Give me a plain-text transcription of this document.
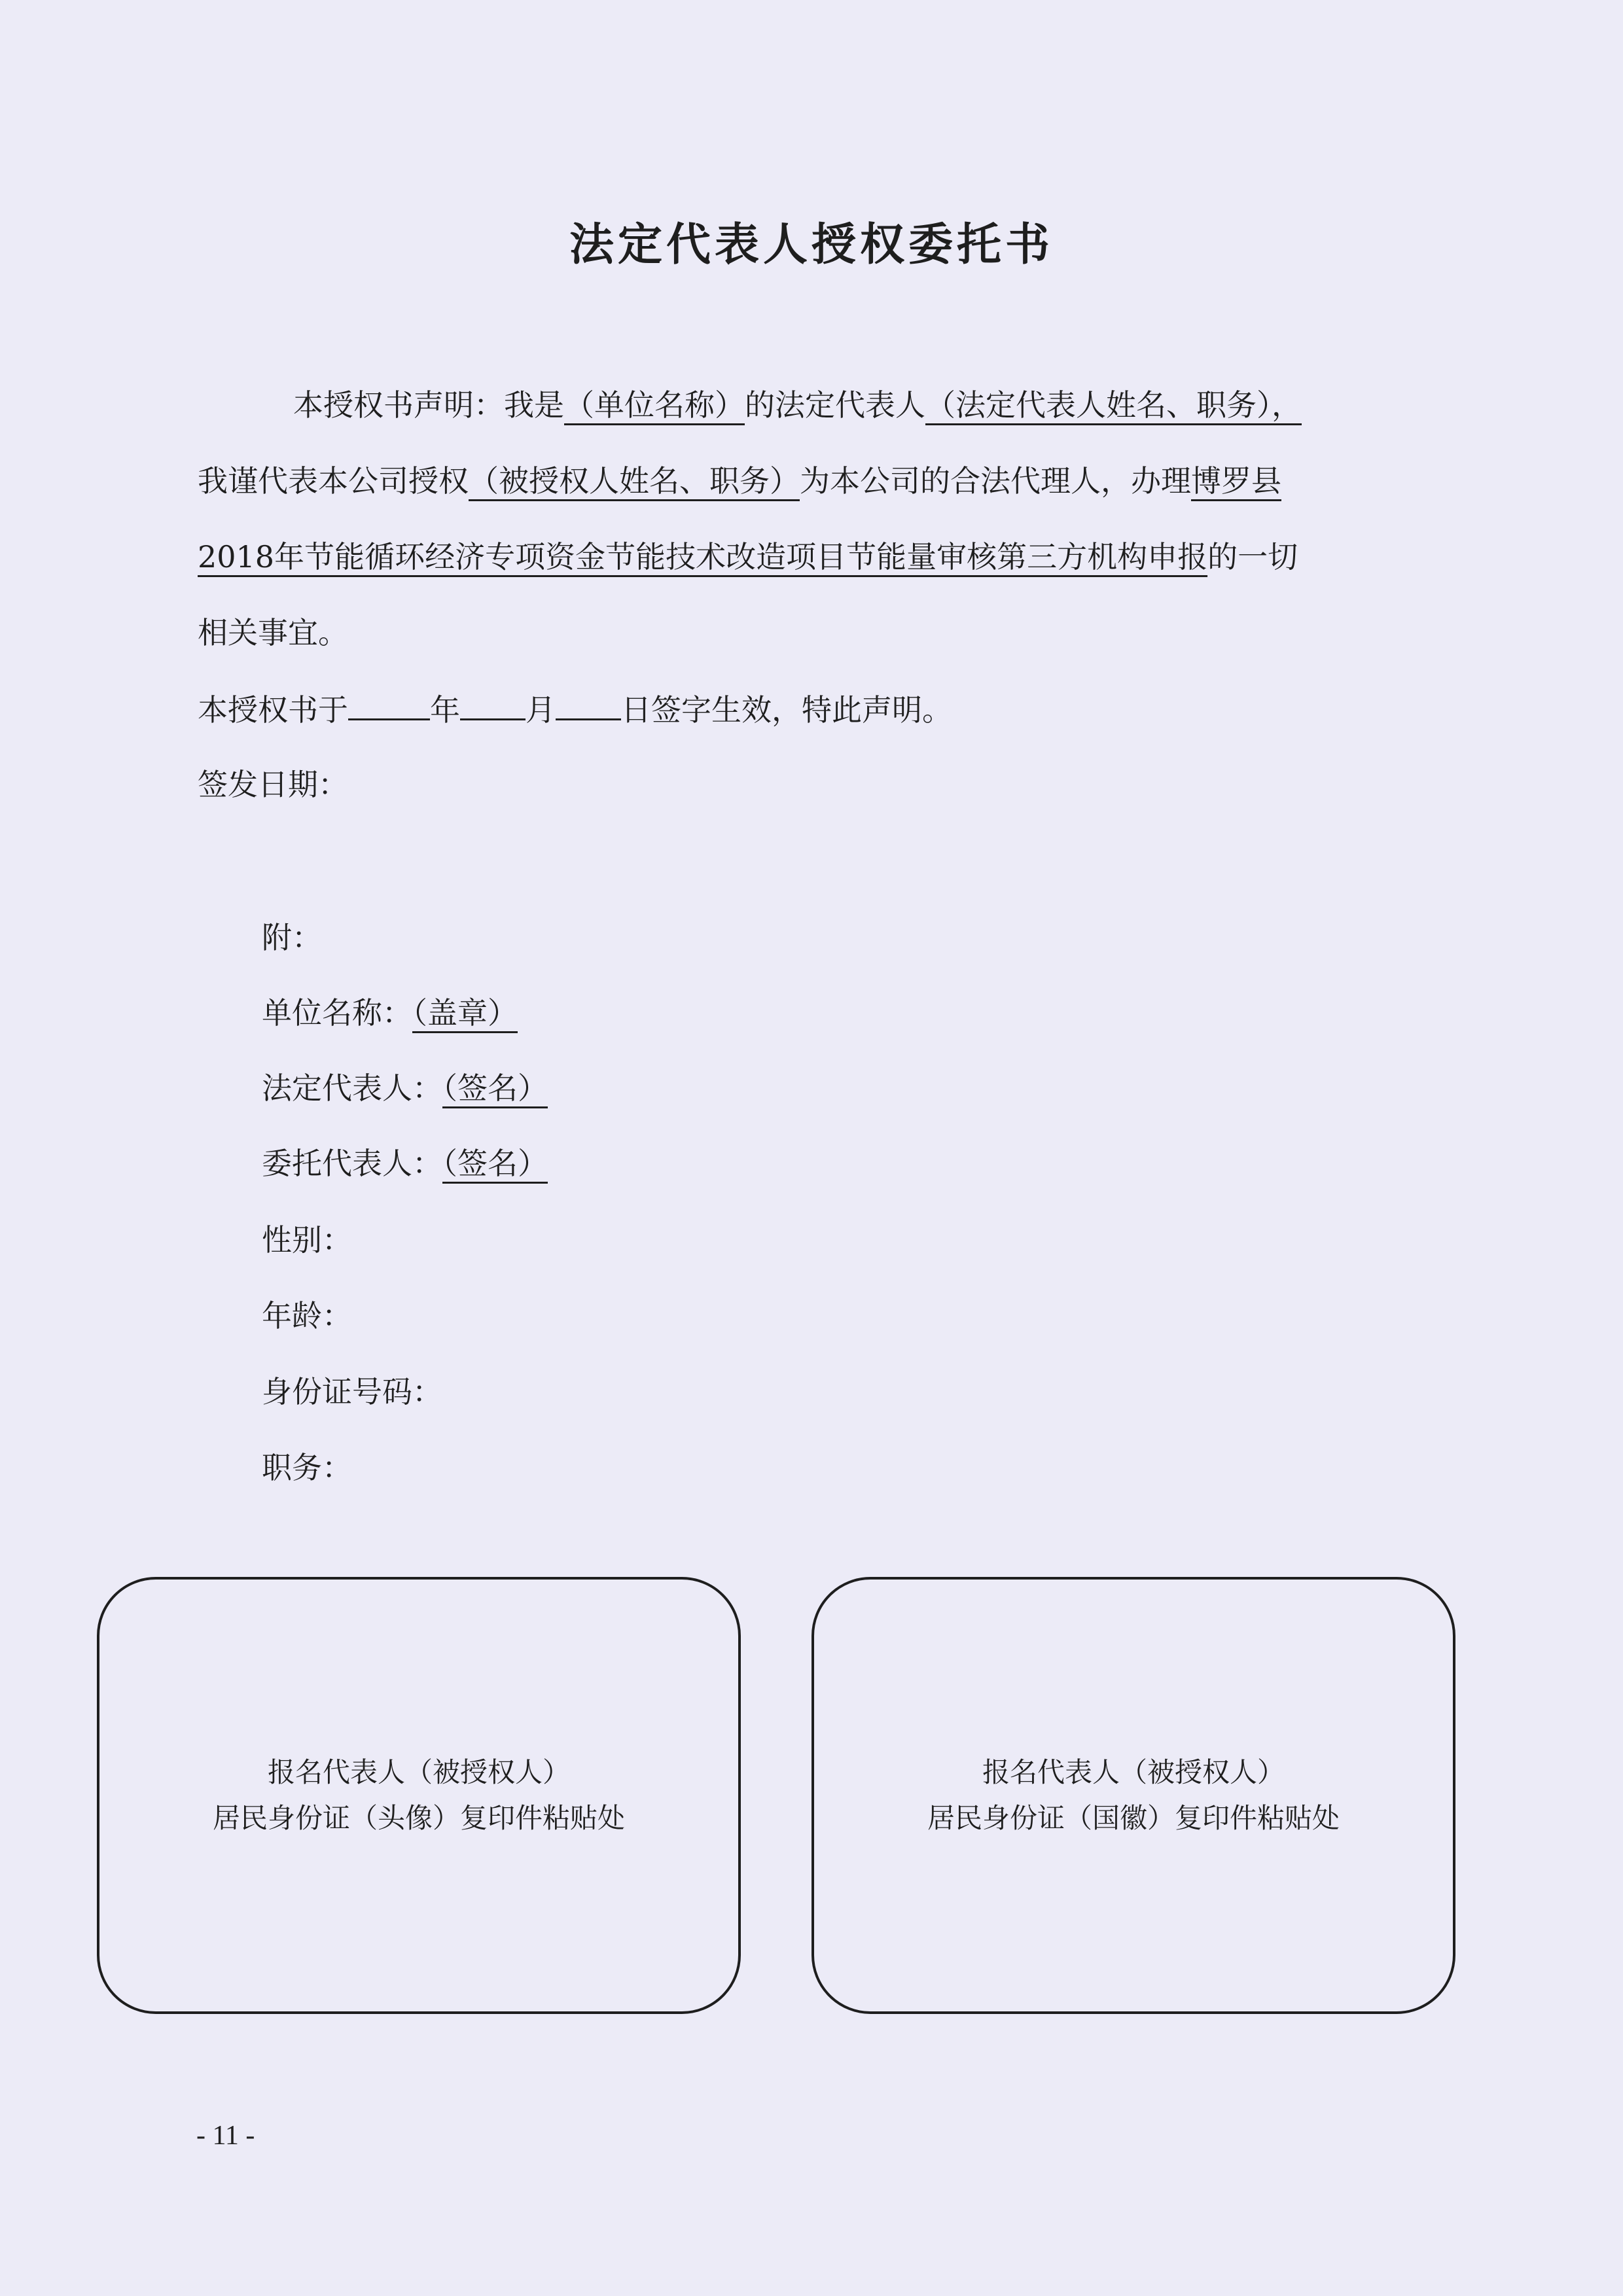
法定代表人授权委托书
本授权书声明：我是（单位名称）的法定代表人（法定代表人姓名、职务），
我谨代表本公司授权（被授权人姓名、职务）为本公司的合法代理人，办理博罗县
2018年节能循环经济专项资金节能技术改造项目节能量审核第三方机构申报的一切
相关事宜。
本授权书于	年 月 日签字生效，特此声明。
签发日期：
附：
单位名称：（盖章）
法定代表人：（签名）
委托代表人：（签名）
性别：
年龄：
身份证号码：
职务：
报名代表人（被授权人）
居民身份证（头像）复印件粘贴处
报名代表人（被授权人）
居民身份证（国徽）复印件粘贴处
- 11 -
